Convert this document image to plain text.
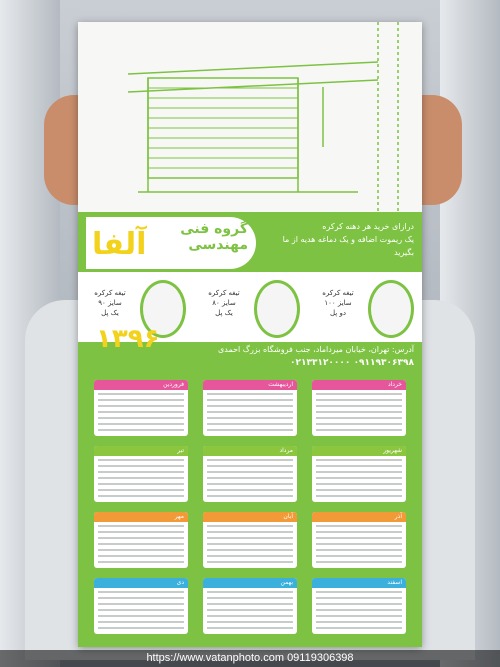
آلفا گروه فنی
مهندسی
درازای خرید هر دهنه کرکره
یک ریموت اضافه و یک دماغه هدیه از ما بگیرید
تیغه کرکره
سایز ۹۰
یک پل
تیغه کرکره
سایز ۸۰
یک پل
تیغه کرکره
سایز ۱۰۰
دو پل
۱۳۹۶	آدرس: تهران، خیابان میرداماد، جنب فروشگاه بزرگ احمدی
۰۹۱۱۹۳۰۶۳۹۸ ۰۲۱۳۳۱۲۰۰۰۰
فروردین	اردیبهشت	خرداد
تیر	مرداد	شهریور
مهر	آبان	آذر
دی	بهمن	اسفند
https://www.vatanphoto.com 09119306398
